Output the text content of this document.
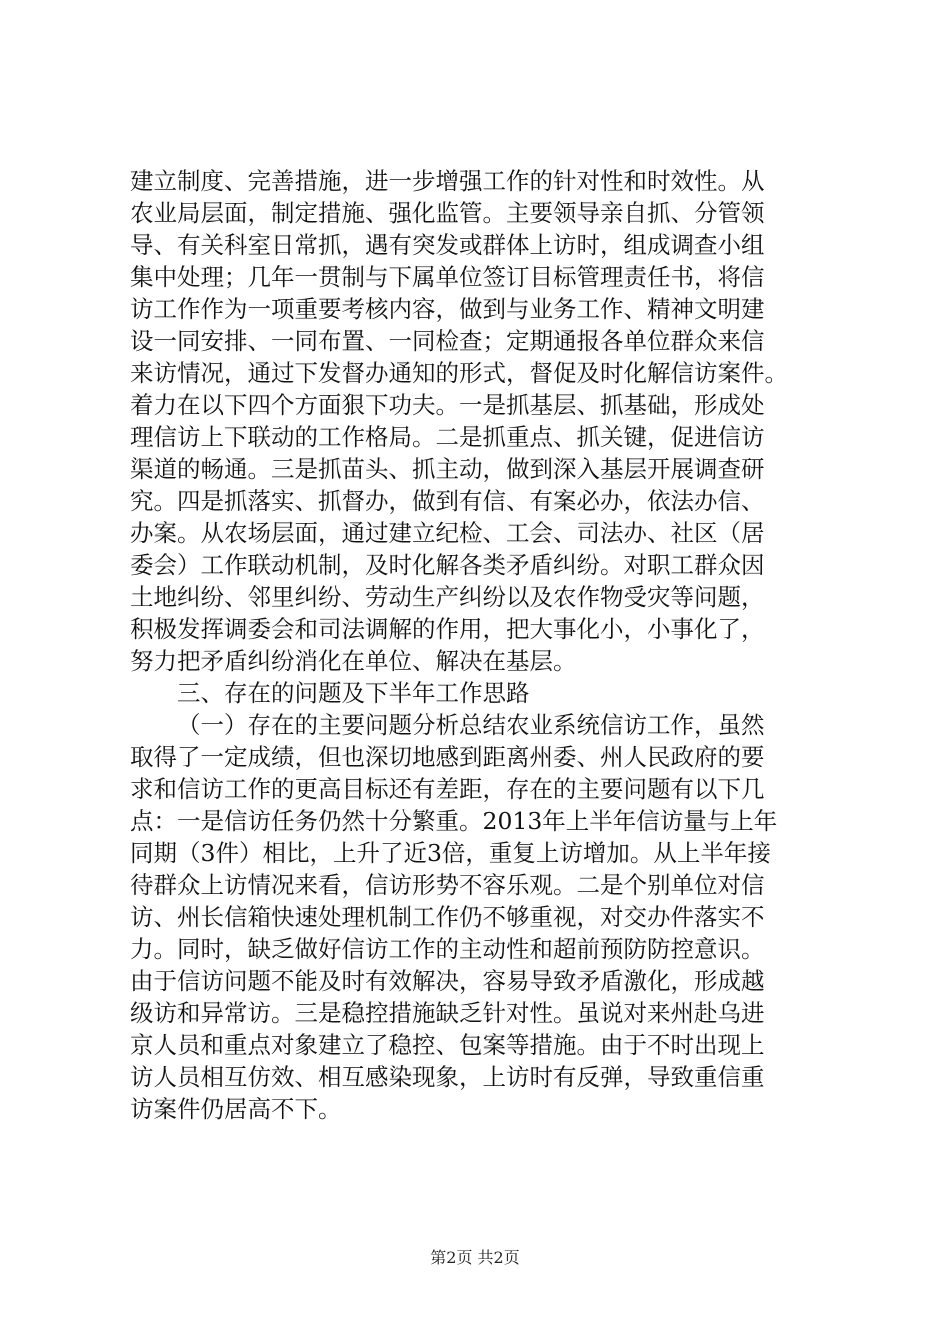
建立制度、完善措施，进一步增强工作的针对性和时效性。从
农业局层面，制定措施、强化监管。主要领导亲自抓、分管领
导、有关科室日常抓，遇有突发或群体上访时，组成调查小组
集中处理；几年一贯制与下属单位签订目标管理责任书，将信
访工作作为一项重要考核内容，做到与业务工作、精神文明建
设一同安排、一同布置、一同检查；定期通报各单位群众来信
来访情况，通过下发督办通知的形式，督促及时化解信访案件。
着力在以下四个方面狠下功夫。一是抓基层、抓基础，形成处
理信访上下联动的工作格局。二是抓重点、抓关键，促进信访
渠道的畅通。三是抓苗头、抓主动，做到深入基层开展调查研
究。四是抓落实、抓督办，做到有信、有案必办，依法办信、
办案。从农场层面，通过建立纪检、工会、司法办、社区（居
委会）工作联动机制，及时化解各类矛盾纠纷。对职工群众因
土地纠纷、邻里纠纷、劳动生产纠纷以及农作物受灾等问题，
积极发挥调委会和司法调解的作用，把大事化小，小事化了，
努力把矛盾纠纷消化在单位、解决在基层。
三、存在的问题及下半年工作思路
（一）存在的主要问题分析总结农业系统信访工作，虽然
取得了一定成绩，但也深切地感到距离州委、州人民政府的要
求和信访工作的更高目标还有差距，存在的主要问题有以下几
点：一是信访任务仍然十分繁重。2013年上半年信访量与上年
同期（3件）相比，上升了近3倍，重复上访增加。从上半年接
待群众上访情况来看，信访形势不容乐观。二是个别单位对信
访、州长信箱快速处理机制工作仍不够重视，对交办件落实不
力。同时，缺乏做好信访工作的主动性和超前预防防控意识。
由于信访问题不能及时有效解决，容易导致矛盾激化，形成越
级访和异常访。三是稳控措施缺乏针对性。虽说对来州赴乌进
京人员和重点对象建立了稳控、包案等措施。由于不时出现上
访人员相互仿效、相互感染现象，上访时有反弹，导致重信重
访案件仍居高不下。
第2页 共2页
